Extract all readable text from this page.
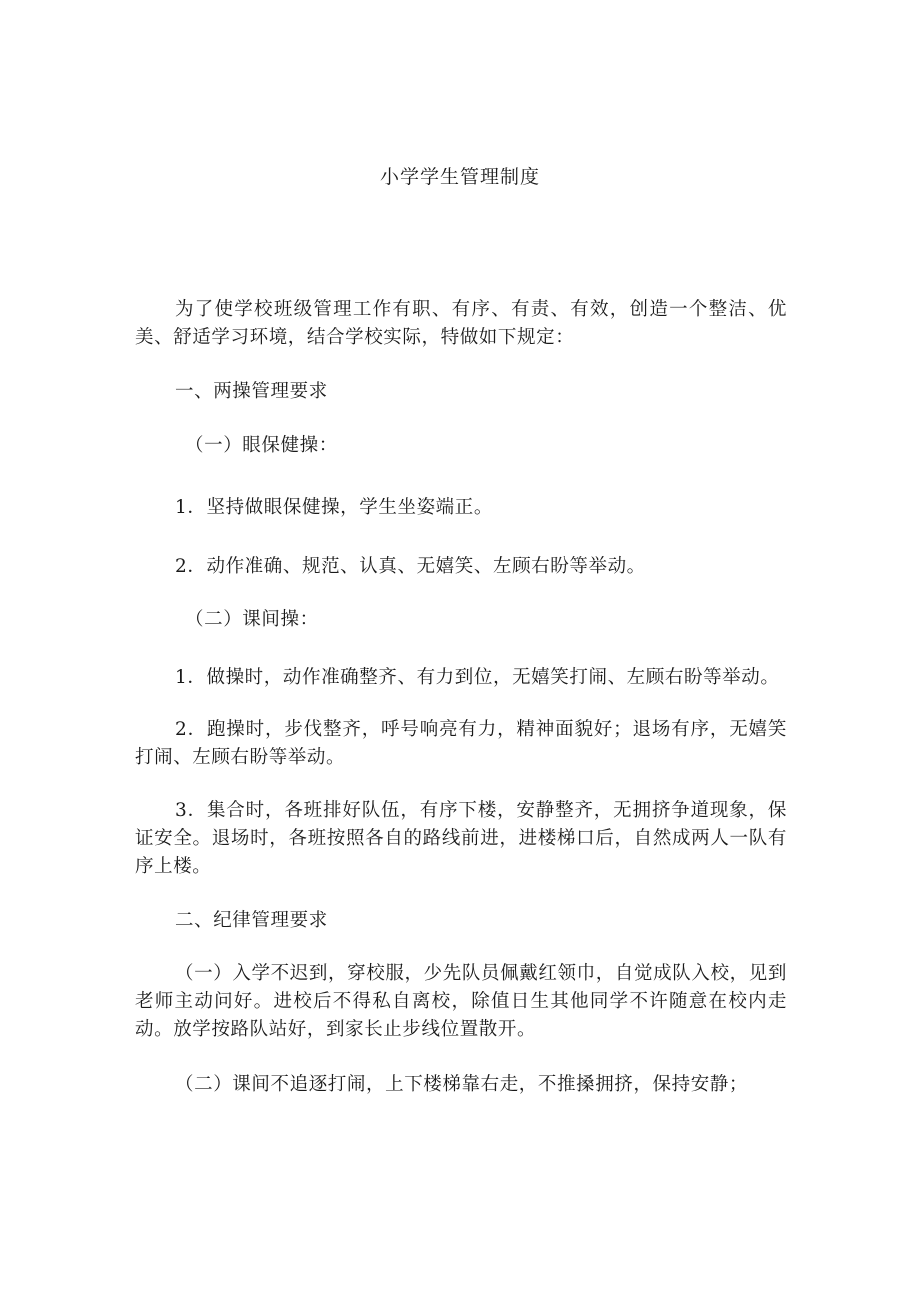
小学学生管理制度

为了使学校班级管理工作有职、有序、有责、有效，创造一个整洁、优美、舒适学习环境，结合学校实际，特做如下规定：

一、两操管理要求

（一）眼保健操：

1．坚持做眼保健操，学生坐姿端正。

2．动作准确、规范、认真、无嬉笑、左顾右盼等举动。

（二）课间操：

1．做操时，动作准确整齐、有力到位，无嬉笑打闹、左顾右盼等举动。

2．跑操时，步伐整齐，呼号响亮有力，精神面貌好；退场有序，无嬉笑打闹、左顾右盼等举动。

3．集合时，各班排好队伍，有序下楼，安静整齐，无拥挤争道现象，保证安全。退场时，各班按照各自的路线前进，进楼梯口后，自然成两人一队有序上楼。

二、纪律管理要求

（一）入学不迟到，穿校服，少先队员佩戴红领巾，自觉成队入校，见到老师主动问好。进校后不得私自离校，除值日生其他同学不许随意在校内走动。放学按路队站好，到家长止步线位置散开。

（二）课间不追逐打闹，上下楼梯靠右走，不推搡拥挤，保持安静；
